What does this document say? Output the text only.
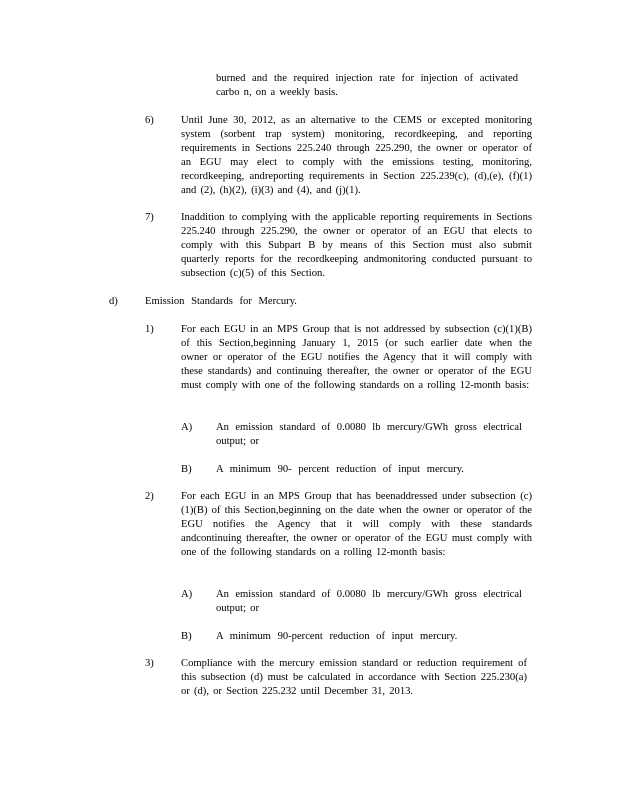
burned and the required injection rate for injection of activated carbo n, on a weekly basis.

6)	Until June 30, 2012, as an alternative to the CEMS or excepted monitoring system (sorbent trap system) monitoring, recordkeeping, and reporting requirements in Sections 225.240 through 225.290, the owner or operator of an EGU may elect to comply with the emissions testing, monitoring, recordkeeping, andreporting requirements in Section 225.239(c), (d),(e), (f)(1) and (2), (h)(2), (i)(3) and (4), and (j)(1).

7)	Inaddition to complying with the applicable reporting requirements in Sections 225.240 through 225.290, the owner or operator of an EGU that elects to comply with this Subpart B by means of this Section must also submit quarterly reports for the recordkeeping andmonitoring conducted pursuant to subsection (c)(5) of this Section.

d)	Emission Standards for Mercury.

1)	For each EGU in an MPS Group that is not addressed by subsection (c)(1)(B) of this Section,beginning January 1, 2015 (or such earlier date when the owner or operator of the EGU notifies the Agency that it will comply with these standards) and continuing thereafter, the owner or operator of the EGU must comply with one of the following standards on a rolling 12-month basis:

A) An emission standard of 0.0080 lb mercury/GWh gross electrical output; or

B) A minimum 90- percent reduction of input mercury.

2)	For each EGU in an MPS Group that has beenaddressed under subsection (c)(1)(B) of this Section,beginning on the date when the owner or operator of the EGU notifies the Agency that it will comply with these standards andcontinuing thereafter, the owner or operator of the EGU must comply with one of the following standards on a rolling 12-month basis:

A) An emission standard of 0.0080 lb mercury/GWh gross electrical output; or

B) A minimum 90-percent reduction of input mercury.

3)	Compliance with the mercury emission standard or reduction requirement of this subsection (d) must be calculated in accordance with Section 225.230(a) or (d), or Section 225.232 until December 31, 2013.
